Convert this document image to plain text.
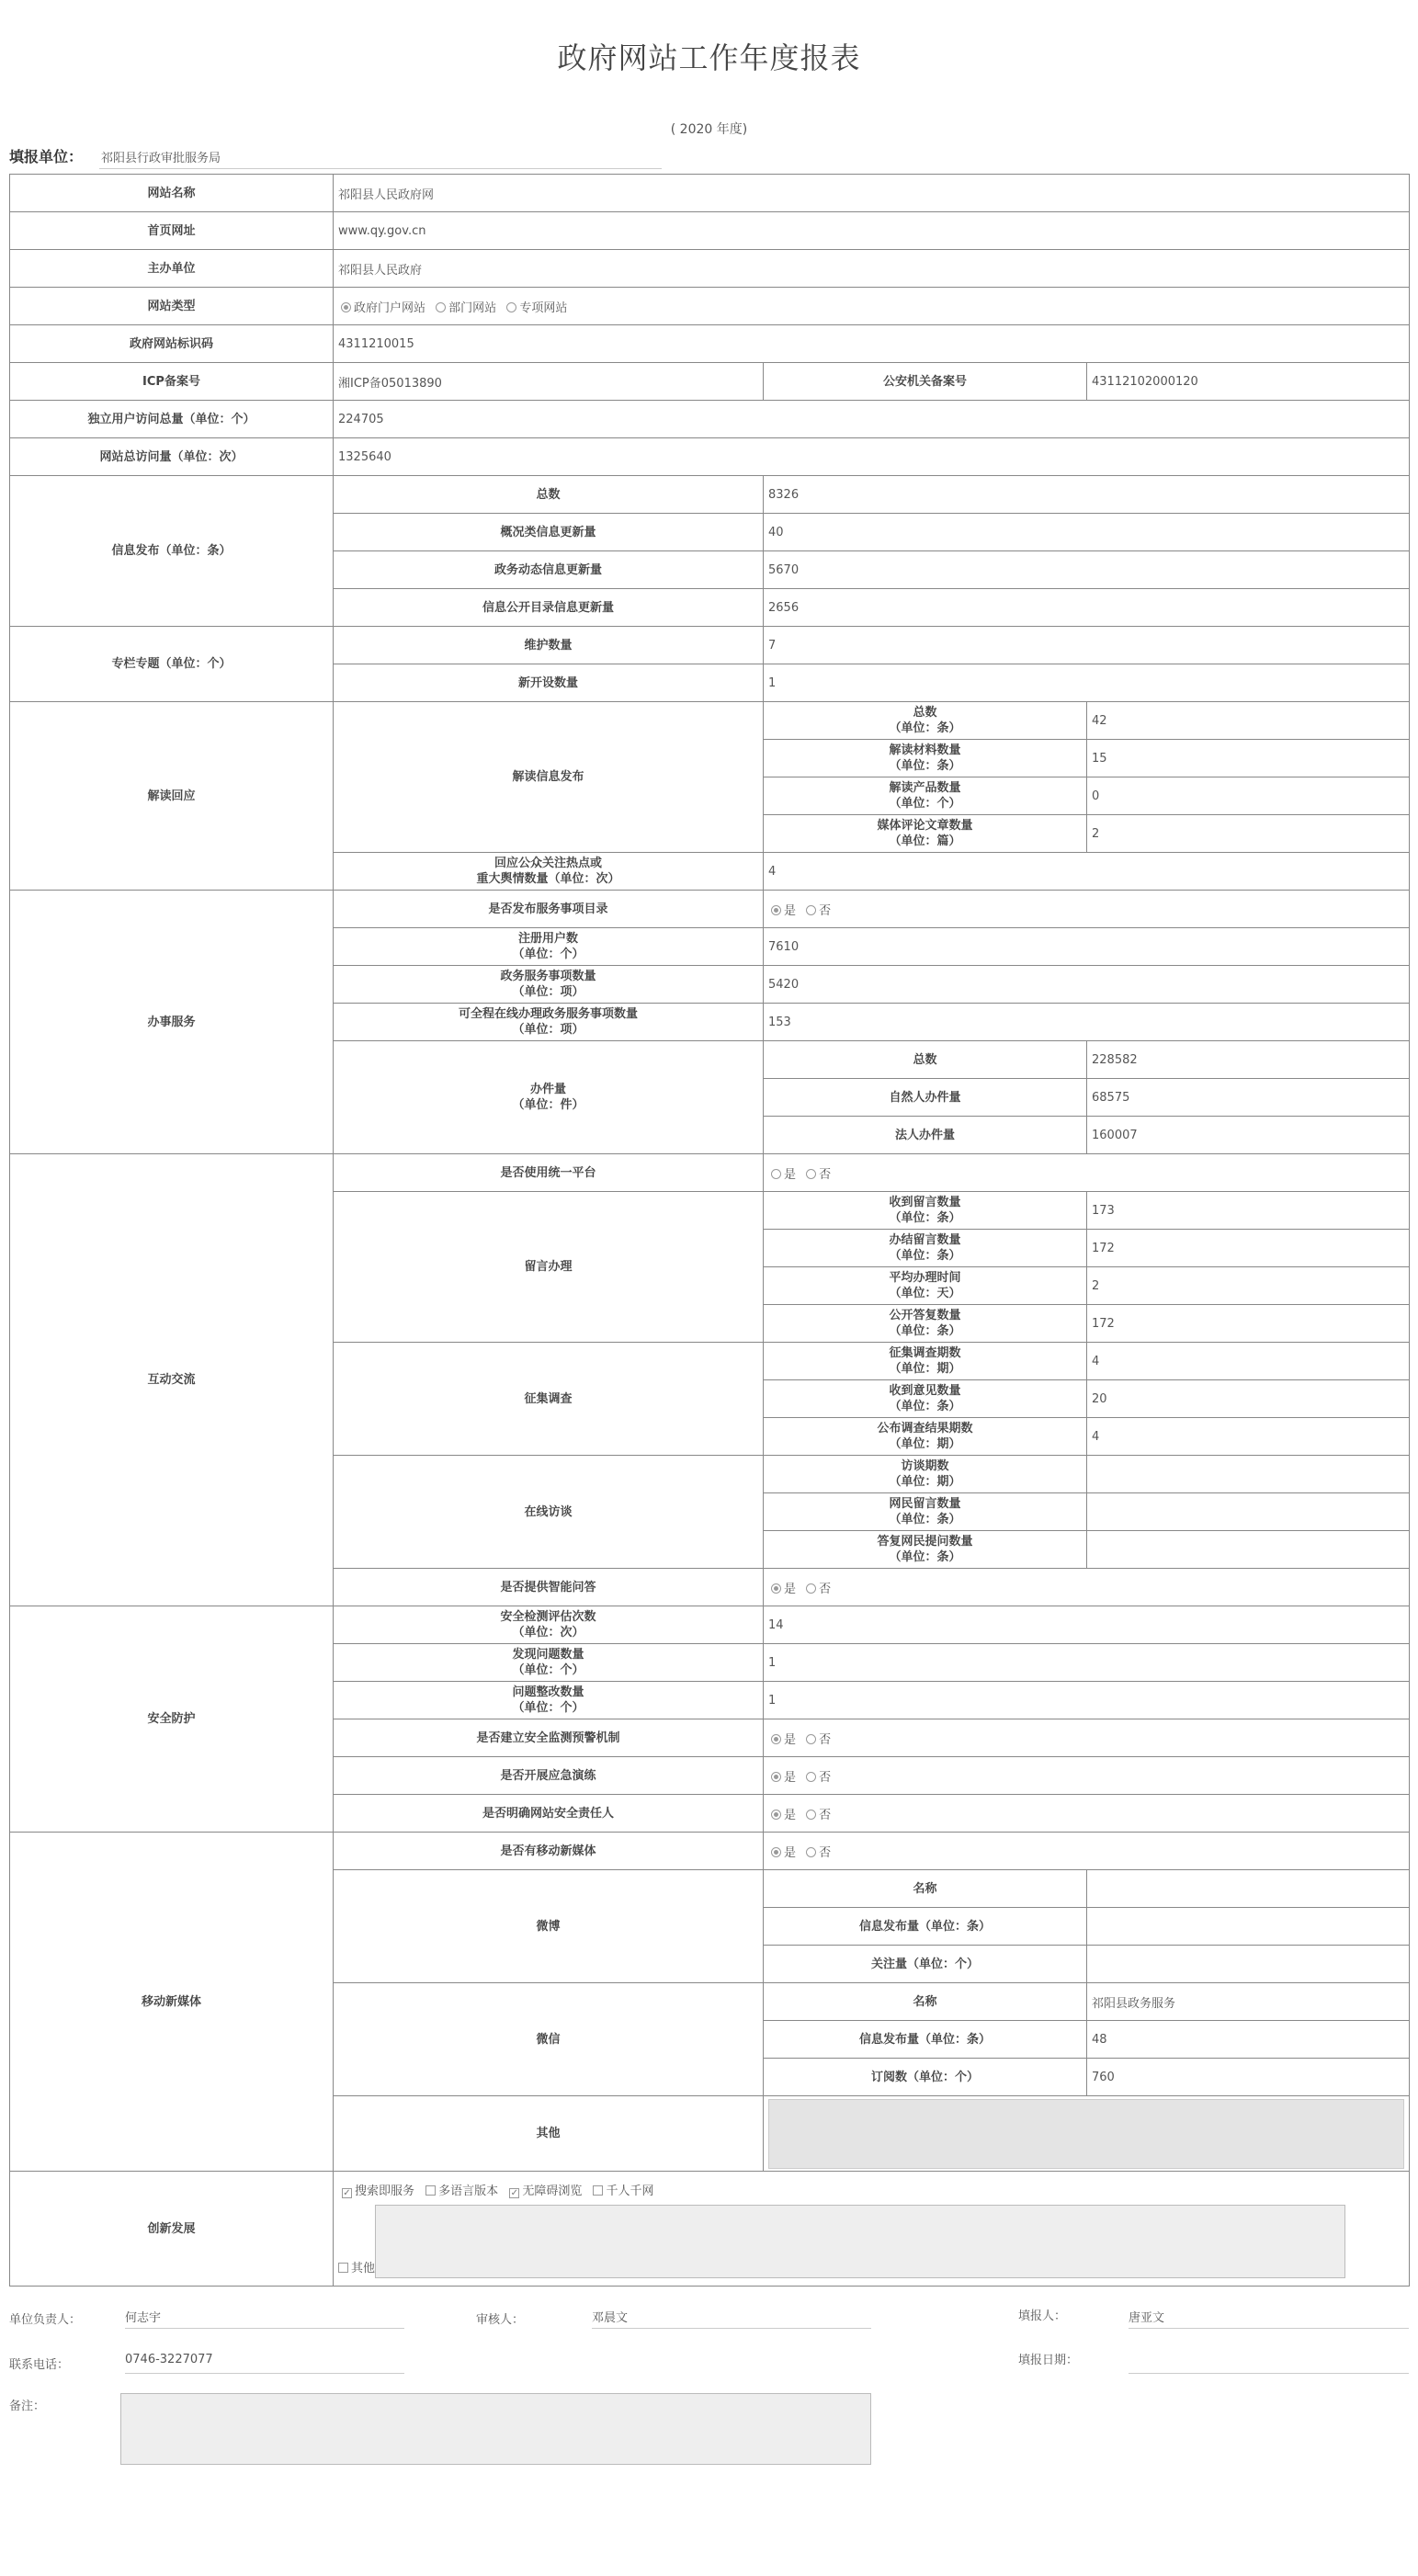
政府网站工作年度报表
( 2020 年度)
填报单位： 祁阳县行政审批服务局
网站名称	祁阳县人民政府网		
首页网址	www.qy.gov.cn		
主办单位	祁阳县人民政府		
网站类型	政府门户网站 部门网站 专项网站		
政府网站标识码	4311210015		
ICP备案号	湘ICP备05013890	公安机关备案号	43112102000120
独立用户访问总量（单位：个）	224705		
网站总访问量（单位：次）	1325640		
信息发布（单位：条）	总数	8326	
	概况类信息更新量	40	
	政务动态信息更新量	5670	
	信息公开目录信息更新量	2656	
专栏专题（单位：个）	维护数量	7	
	新开设数量	1	
解读回应	解读信息发布	总数
（单位：条）	42
		解读材料数量
（单位：条）	15
		解读产品数量
（单位：个）	0
		媒体评论文章数量
（单位：篇）	2
	回应公众关注热点或
重大舆情数量（单位：次）	4	
办事服务	是否发布服务事项目录	是 否	
	注册用户数
（单位：个）	7610	
	政务服务事项数量
（单位：项）	5420	
	可全程在线办理政务服务事项数量
（单位：项）	153	
	办件量
（单位：件）	总数	228582
		自然人办件量	68575
		法人办件量	160007
互动交流	是否使用统一平台	是 否	
	留言办理	收到留言数量
（单位：条）	173
		办结留言数量
（单位：条）	172
		平均办理时间
（单位：天）	2
		公开答复数量
（单位：条）	172
	征集调查	征集调查期数
（单位：期）	4
		收到意见数量
（单位：条）	20
		公布调查结果期数
（单位：期）	4
	在线访谈	访谈期数
（单位：期）	
		网民留言数量
（单位：条）	
		答复网民提问数量
（单位：条）	
	是否提供智能问答	是 否	
安全防护	安全检测评估次数
（单位：次）	14	
	发现问题数量
（单位：个）	1	
	问题整改数量
（单位：个）	1	
	是否建立安全监测预警机制	是 否	
	是否开展应急演练	是 否	
	是否明确网站安全责任人	是 否	
移动新媒体	是否有移动新媒体	是 否	
	微博	名称	
		信息发布量（单位：条）	
		关注量（单位：个）	
	微信	名称	祁阳县政务服务
		信息发布量（单位：条）	48
		订阅数（单位：个）	760
	其他		

创新发展	✓ 搜索即服务 多语言版本 ✓ 无障碍浏览 千人千网
其他		
单位负责人：	何志宇	审核人：	邓晨文	填报人：	唐亚文
联系电话：	0746-3227077	填报日期：
备注：
